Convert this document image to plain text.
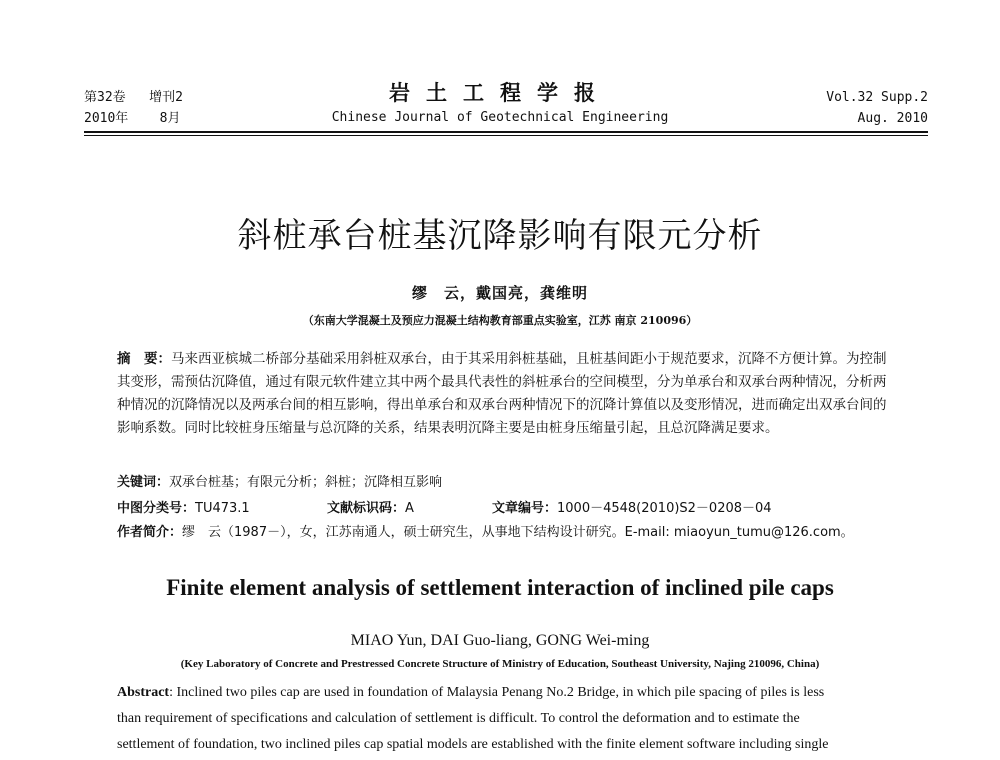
第32卷 增刊2
2010年 8月
岩土工程学报
Chinese Journal of Geotechnical Engineering
Vol.32 Supp.2
Aug. 2010
斜桩承台桩基沉降影响有限元分析
缪　云，戴国亮，龚维明
（东南大学混凝土及预应力混凝土结构教育部重点实验室，江苏 南京 210096）
摘　要：马来西亚槟城二桥部分基础采用斜桩双承台，由于其采用斜桩基础，且桩基间距小于规范要求，沉降不方便计算。为控制其变形，需预估沉降值，通过有限元软件建立其中两个最具代表性的斜桩承台的空间模型，分为单承台和双承台两种情况，分析两种情况的沉降情况以及两承台间的相互影响，得出单承台和双承台两种情况下的沉降计算值以及变形情况，进而确定出双承台间的影响系数。同时比较桩身压缩量与总沉降的关系，结果表明沉降主要是由桩身压缩量引起，且总沉降满足要求。
关键词：双承台桩基；有限元分析；斜桩；沉降相互影响
中图分类号：TU473.1	文献标识码：A	文章编号：1000－4548(2010)S2－0208－04
作者简介：缪　云（1987－），女，江苏南通人，硕士研究生，从事地下结构设计研究。E-mail: miaoyun_tumu@126.com。
Finite element analysis of settlement interaction of inclined pile caps
MIAO Yun, DAI Guo-liang, GONG Wei-ming
(Key Laboratory of Concrete and Prestressed Concrete Structure of Ministry of Education, Southeast University, Najing 210096, China)
Abstract: Inclined two piles cap are used in foundation of Malaysia Penang No.2 Bridge, in which pile spacing of piles is less
than requirement of specifications and calculation of settlement is difficult. To control the deformation and to estimate the
settlement of foundation, two inclined piles cap spatial models are established with the finite element software including single
